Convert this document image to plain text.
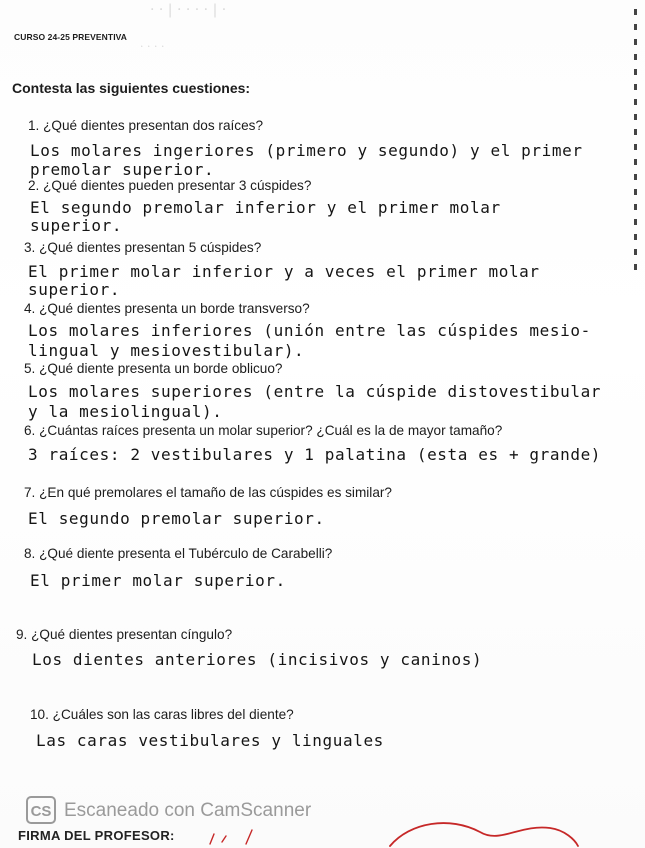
· · | · · · · | ·
· · · ·
CURSO 24-25 PREVENTIVA
Contesta las siguientes cuestiones:
1. ¿Qué dientes presentan dos raíces?
Los molares ingeriores (primero y segundo) y el primer
premolar superior.
2. ¿Qué dientes pueden presentar 3 cúspides?
El segundo premolar inferior y el primer molar
superior.
3. ¿Qué dientes presentan 5 cúspides?
El primer molar inferior y a veces el primer molar
superior.
4. ¿Qué dientes presenta un borde transverso?
Los molares inferiores (unión entre las cúspides mesio-
lingual y mesiovestibular).
5. ¿Qué diente presenta un borde oblicuo?
Los molares superiores (entre la cúspide distovestibular
y la mesiolingual).
6. ¿Cuántas raíces presenta un molar superior? ¿Cuál es la de mayor tamaño?
3 raíces: 2 vestibulares y 1 palatina (esta es + grande)
7. ¿En qué premolares el tamaño de las cúspides es similar?
El segundo premolar superior.
8. ¿Qué diente presenta el Tubérculo de Carabelli?
El primer molar superior.
9. ¿Qué dientes presentan cíngulo?
Los dientes anteriores (incisivos y caninos)
10. ¿Cuáles son las caras libres del diente?
Las caras vestibulares y linguales
CS Escaneado con CamScanner
FIRMA DEL PROFESOR:
